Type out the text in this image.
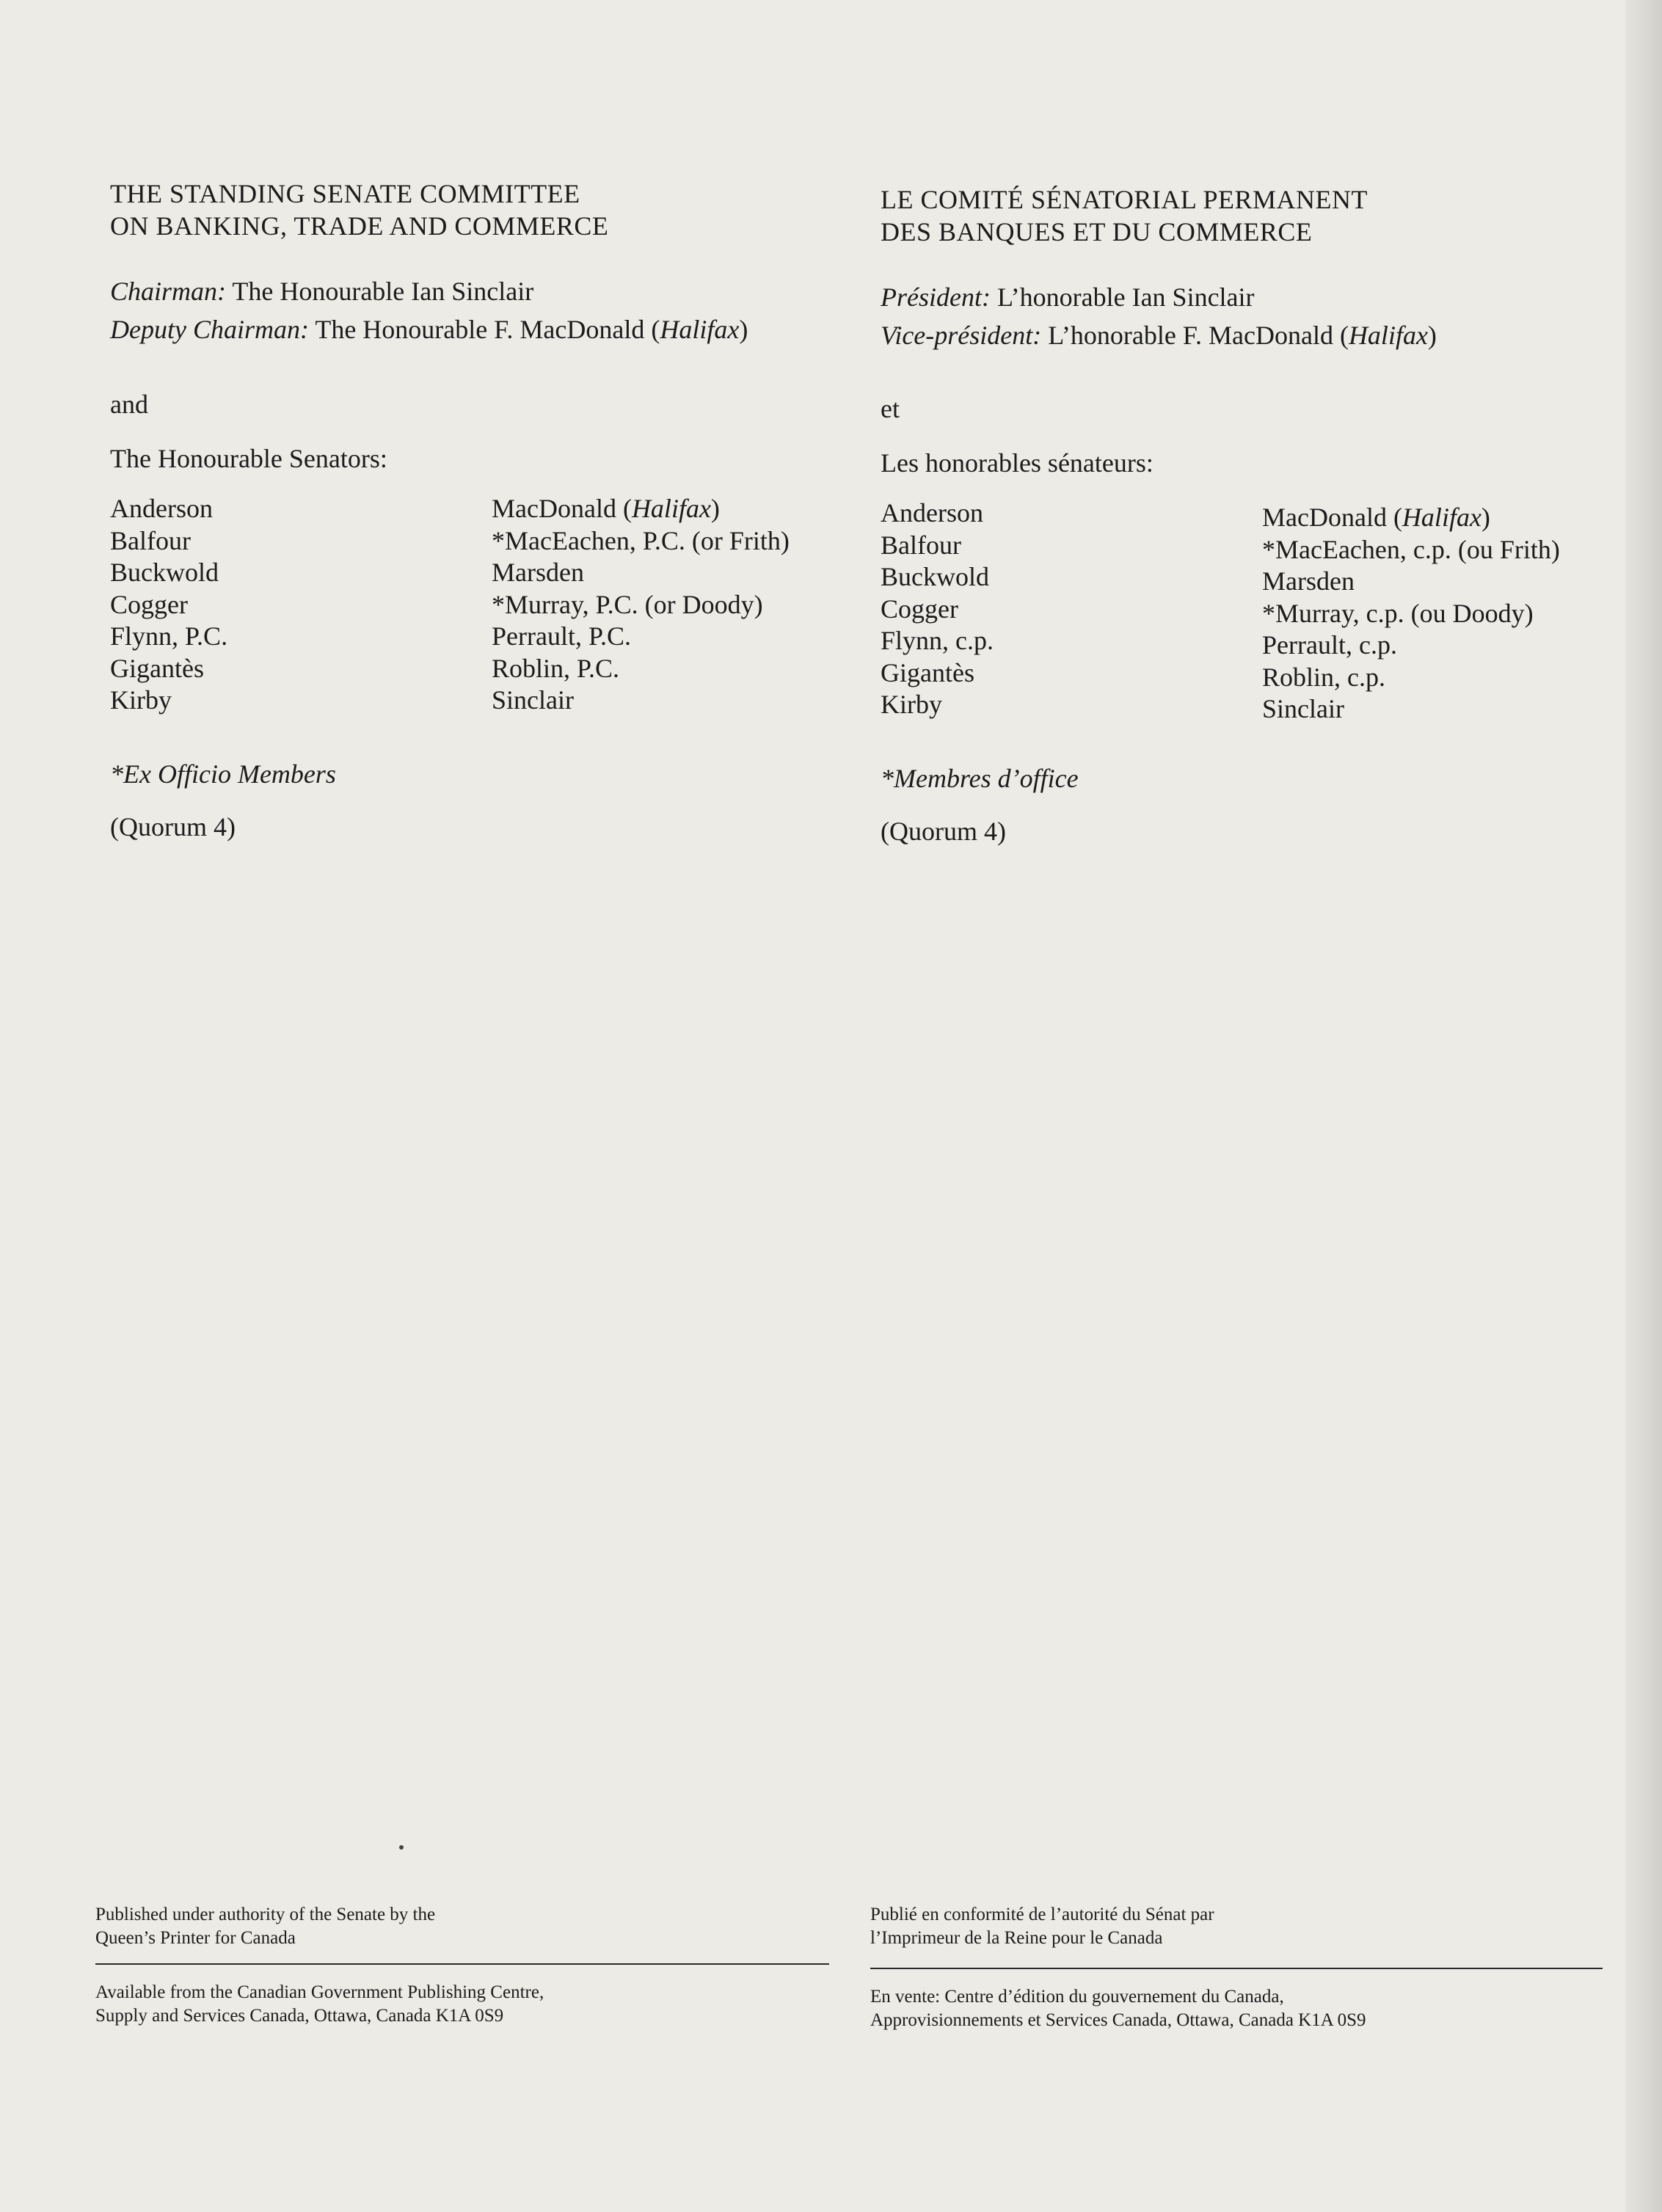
THE STANDING SENATE COMMITTEE
ON BANKING, TRADE AND COMMERCE
Chairman: The Honourable Ian Sinclair
Deputy Chairman: The Honourable F. MacDonald (Halifax)
and
The Honourable Senators:
Anderson
Balfour
Buckwold
Cogger
Flynn, P.C.
Gigantès
Kirby
MacDonald (Halifax)
*MacEachen, P.C. (or Frith)
Marsden
*Murray, P.C. (or Doody)
Perrault, P.C.
Roblin, P.C.
Sinclair
*Ex Officio Members
(Quorum 4)
LE COMITÉ SÉNATORIAL PERMANENT
DES BANQUES ET DU COMMERCE
Président: L’honorable Ian Sinclair
Vice-président: L’honorable F. MacDonald (Halifax)
et
Les honorables sénateurs:
Anderson
Balfour
Buckwold
Cogger
Flynn, c.p.
Gigantès
Kirby
MacDonald (Halifax)
*MacEachen, c.p. (ou Frith)
Marsden
*Murray, c.p. (ou Doody)
Perrault, c.p.
Roblin, c.p.
Sinclair
*Membres d’office
(Quorum 4)
Published under authority of the Senate by the
Queen’s Printer for Canada
Available from the Canadian Government Publishing Centre,
Supply and Services Canada, Ottawa, Canada K1A 0S9
Publié en conformité de l’autorité du Sénat par
l’Imprimeur de la Reine pour le Canada
En vente: Centre d’édition du gouvernement du Canada,
Approvisionnements et Services Canada, Ottawa, Canada K1A 0S9
